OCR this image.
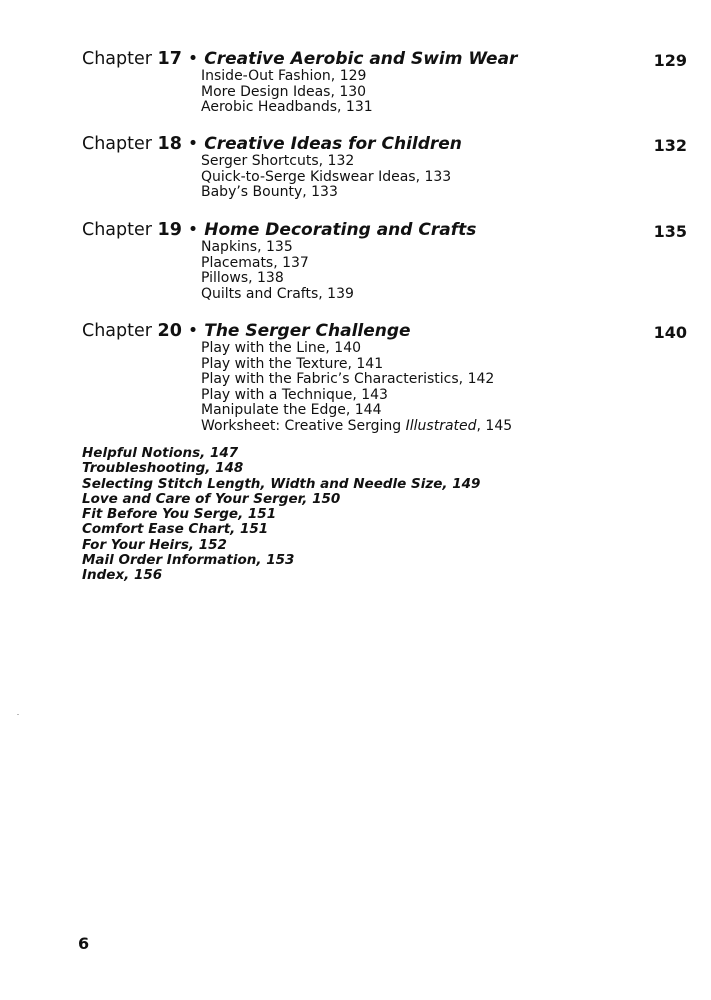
Chapter 17 • Creative Aerobic and Swim Wear	129
Inside-Out Fashion, 129
More Design Ideas, 130
Aerobic Headbands, 131
Chapter 18 • Creative Ideas for Children	132
Serger Shortcuts, 132
Quick-to-Serge Kidswear Ideas, 133
Baby’s Bounty, 133
Chapter 19 • Home Decorating and Crafts	135
Napkins, 135
Placemats, 137
Pillows, 138
Quilts and Crafts, 139
Chapter 20 • The Serger Challenge	140
Play with the Line, 140
Play with the Texture, 141
Play with the Fabric’s Characteristics, 142
Play with a Technique, 143
Manipulate the Edge, 144
Worksheet: Creative Serging Illustrated, 145
Helpful Notions, 147
Troubleshooting, 148
Selecting Stitch Length, Width and Needle Size, 149
Love and Care of Your Serger, 150
Fit Before You Serge, 151
Comfort Ease Chart, 151
For Your Heirs, 152
Mail Order Information, 153
Index, 156
6
